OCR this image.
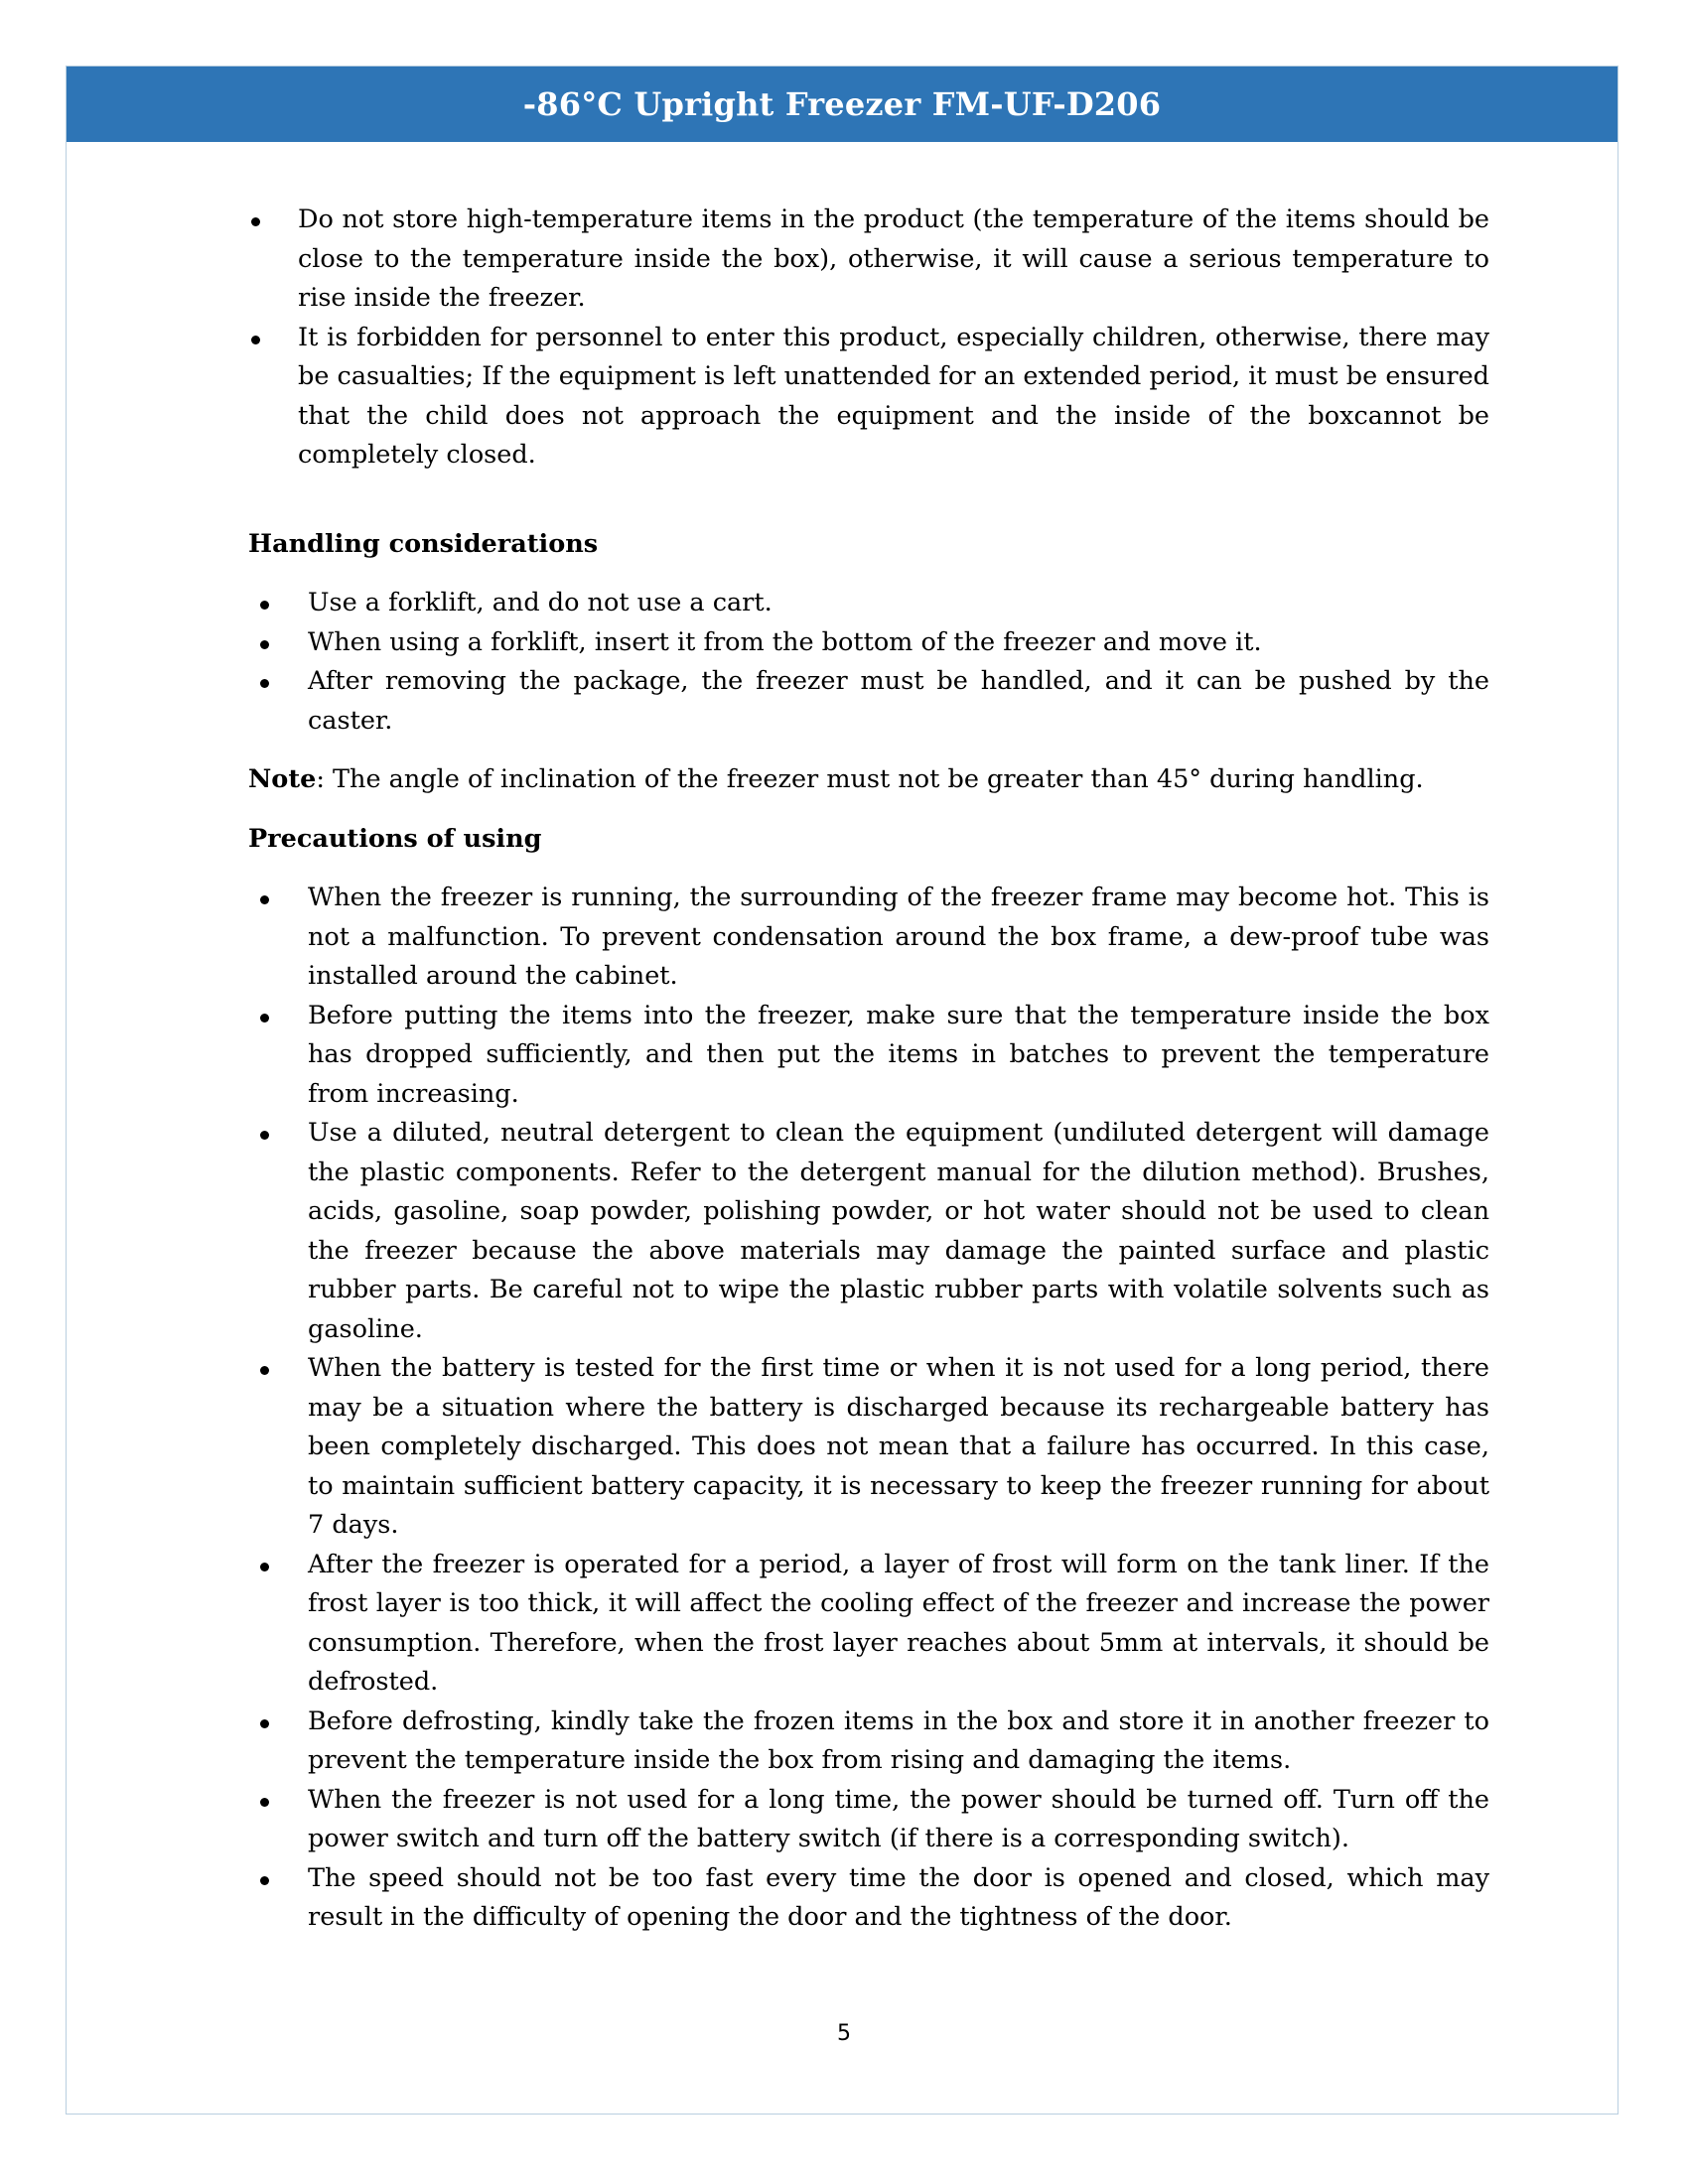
-86°C Upright Freezer FM-UF-D206
Do not store high-temperature items in the product (the temperature of the items should be close to the temperature inside the box), otherwise, it will cause a serious temperature to rise inside the freezer.
It is forbidden for personnel to enter this product, especially children, otherwise, there may be casualties; If the equipment is left unattended for an extended period, it must be ensured that the child does not approach the equipment and the inside of the boxcannot be completely closed.
Handling considerations
Use a forklift, and do not use a cart.
When using a forklift, insert it from the bottom of the freezer and move it.
After removing the package, the freezer must be handled, and it can be pushed by the caster.
Note: The angle of inclination of the freezer must not be greater than 45° during handling.
Precautions of using
When the freezer is running, the surrounding of the freezer frame may become hot. This is not a malfunction. To prevent condensation around the box frame, a dew-proof tube was installed around the cabinet.
Before putting the items into the freezer, make sure that the temperature inside the box has dropped sufficiently, and then put the items in batches to prevent the temperature from increasing.
Use a diluted, neutral detergent to clean the equipment (undiluted detergent will damage the plastic components. Refer to the detergent manual for the dilution method). Brushes, acids, gasoline, soap powder, polishing powder, or hot water should not be used to clean the freezer because the above materials may damage the painted surface and plastic rubber parts. Be careful not to wipe the plastic rubber parts with volatile solvents such as gasoline.
When the battery is tested for the first time or when it is not used for a long period, there may be a situation where the battery is discharged because its rechargeable battery has been completely discharged. This does not mean that a failure has occurred. In this case, to maintain sufficient battery capacity, it is necessary to keep the freezer running for about 7 days.
After the freezer is operated for a period, a layer of frost will form on the tank liner. If the frost layer is too thick, it will affect the cooling effect of the freezer and increase the power consumption. Therefore, when the frost layer reaches about 5mm at intervals, it should be defrosted.
Before defrosting, kindly take the frozen items in the box and store it in another freezer to prevent the temperature inside the box from rising and damaging the items.
When the freezer is not used for a long time, the power should be turned off. Turn off the power switch and turn off the battery switch (if there is a corresponding switch).
The speed should not be too fast every time the door is opened and closed, which may result in the difficulty of opening the door and the tightness of the door.
5
